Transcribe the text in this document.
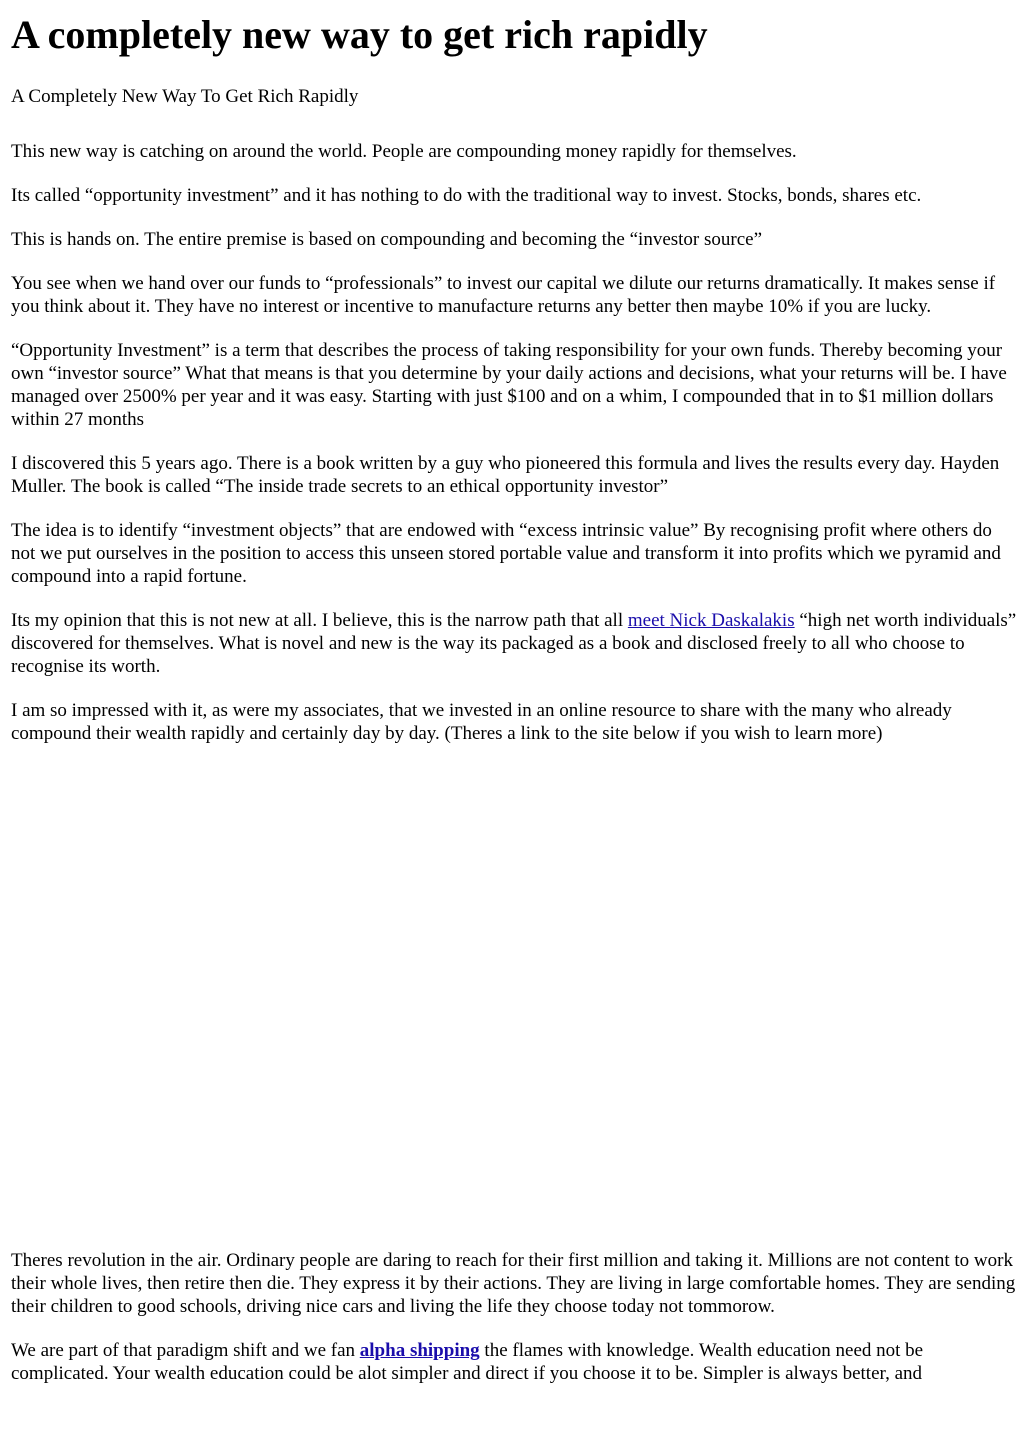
A completely new way to get rich rapidly
A Completely New Way To Get Rich Rapidly

This new way is catching on around the world. People are compounding money rapidly for themselves.

Its called “opportunity investment” and it has nothing to do with the traditional way to invest. Stocks, bonds, shares etc.

This is hands on. The entire premise is based on compounding and becoming the “investor source”

You see when we hand over our funds to “professionals” to invest our capital we dilute our returns dramatically. It makes sense if you think about it. They have no interest or incentive to manufacture returns any better then maybe 10% if you are lucky.

“Opportunity Investment” is a term that describes the process of taking responsibility for your own funds. Thereby becoming your own “investor source” What that means is that you determine by your daily actions and decisions, what your returns will be. I have managed over 2500% per year and it was easy. Starting with just $100 and on a whim, I compounded that in to $1 million dollars within 27 months

I discovered this 5 years ago. There is a book written by a guy who pioneered this formula and lives the results every day. Hayden Muller. The book is called “The inside trade secrets to an ethical opportunity investor”

The idea is to identify “investment objects” that are endowed with “excess intrinsic value” By recognising profit where others do not we put ourselves in the position to access this unseen stored portable value and transform it into profits which we pyramid and compound into a rapid fortune.

Its my opinion that this is not new at all. I believe, this is the narrow path that all meet Nick Daskalakis “high net worth individuals” discovered for themselves. What is novel and new is the way its packaged as a book and disclosed freely to all who choose to recognise its worth.

I am so impressed with it, as were my associates, that we invested in an online resource to share with the many who already compound their wealth rapidly and certainly day by day. (Theres a link to the site below if you wish to learn more)

Theres revolution in the air. Ordinary people are daring to reach for their first million and taking it. Millions are not content to work their whole lives, then retire then die. They express it by their actions. They are living in large comfortable homes. They are sending their children to good schools, driving nice cars and living the life they choose today not tommorow.

We are part of that paradigm shift and we fan alpha shipping the flames with knowledge. Wealth education need not be complicated. Your wealth education could be alot simpler and direct if you choose it to be. Simpler is always better, and
